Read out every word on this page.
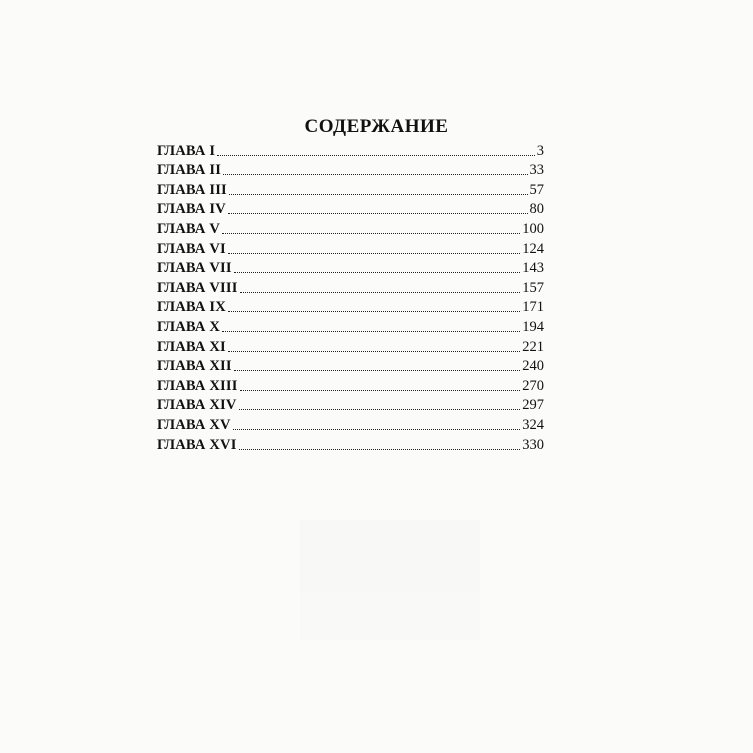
СОДЕРЖАНИЕ
ГЛАВА I	3
ГЛАВА II	33
ГЛАВА III	57
ГЛАВА IV	80
ГЛАВА V	100
ГЛАВА VI	124
ГЛАВА VII	143
ГЛАВА VIII	157
ГЛАВА IX	171
ГЛАВА X	194
ГЛАВА XI	221
ГЛАВА XII	240
ГЛАВА XIII	270
ГЛАВА XIV	297
ГЛАВА XV	324
ГЛАВА XVI	330
